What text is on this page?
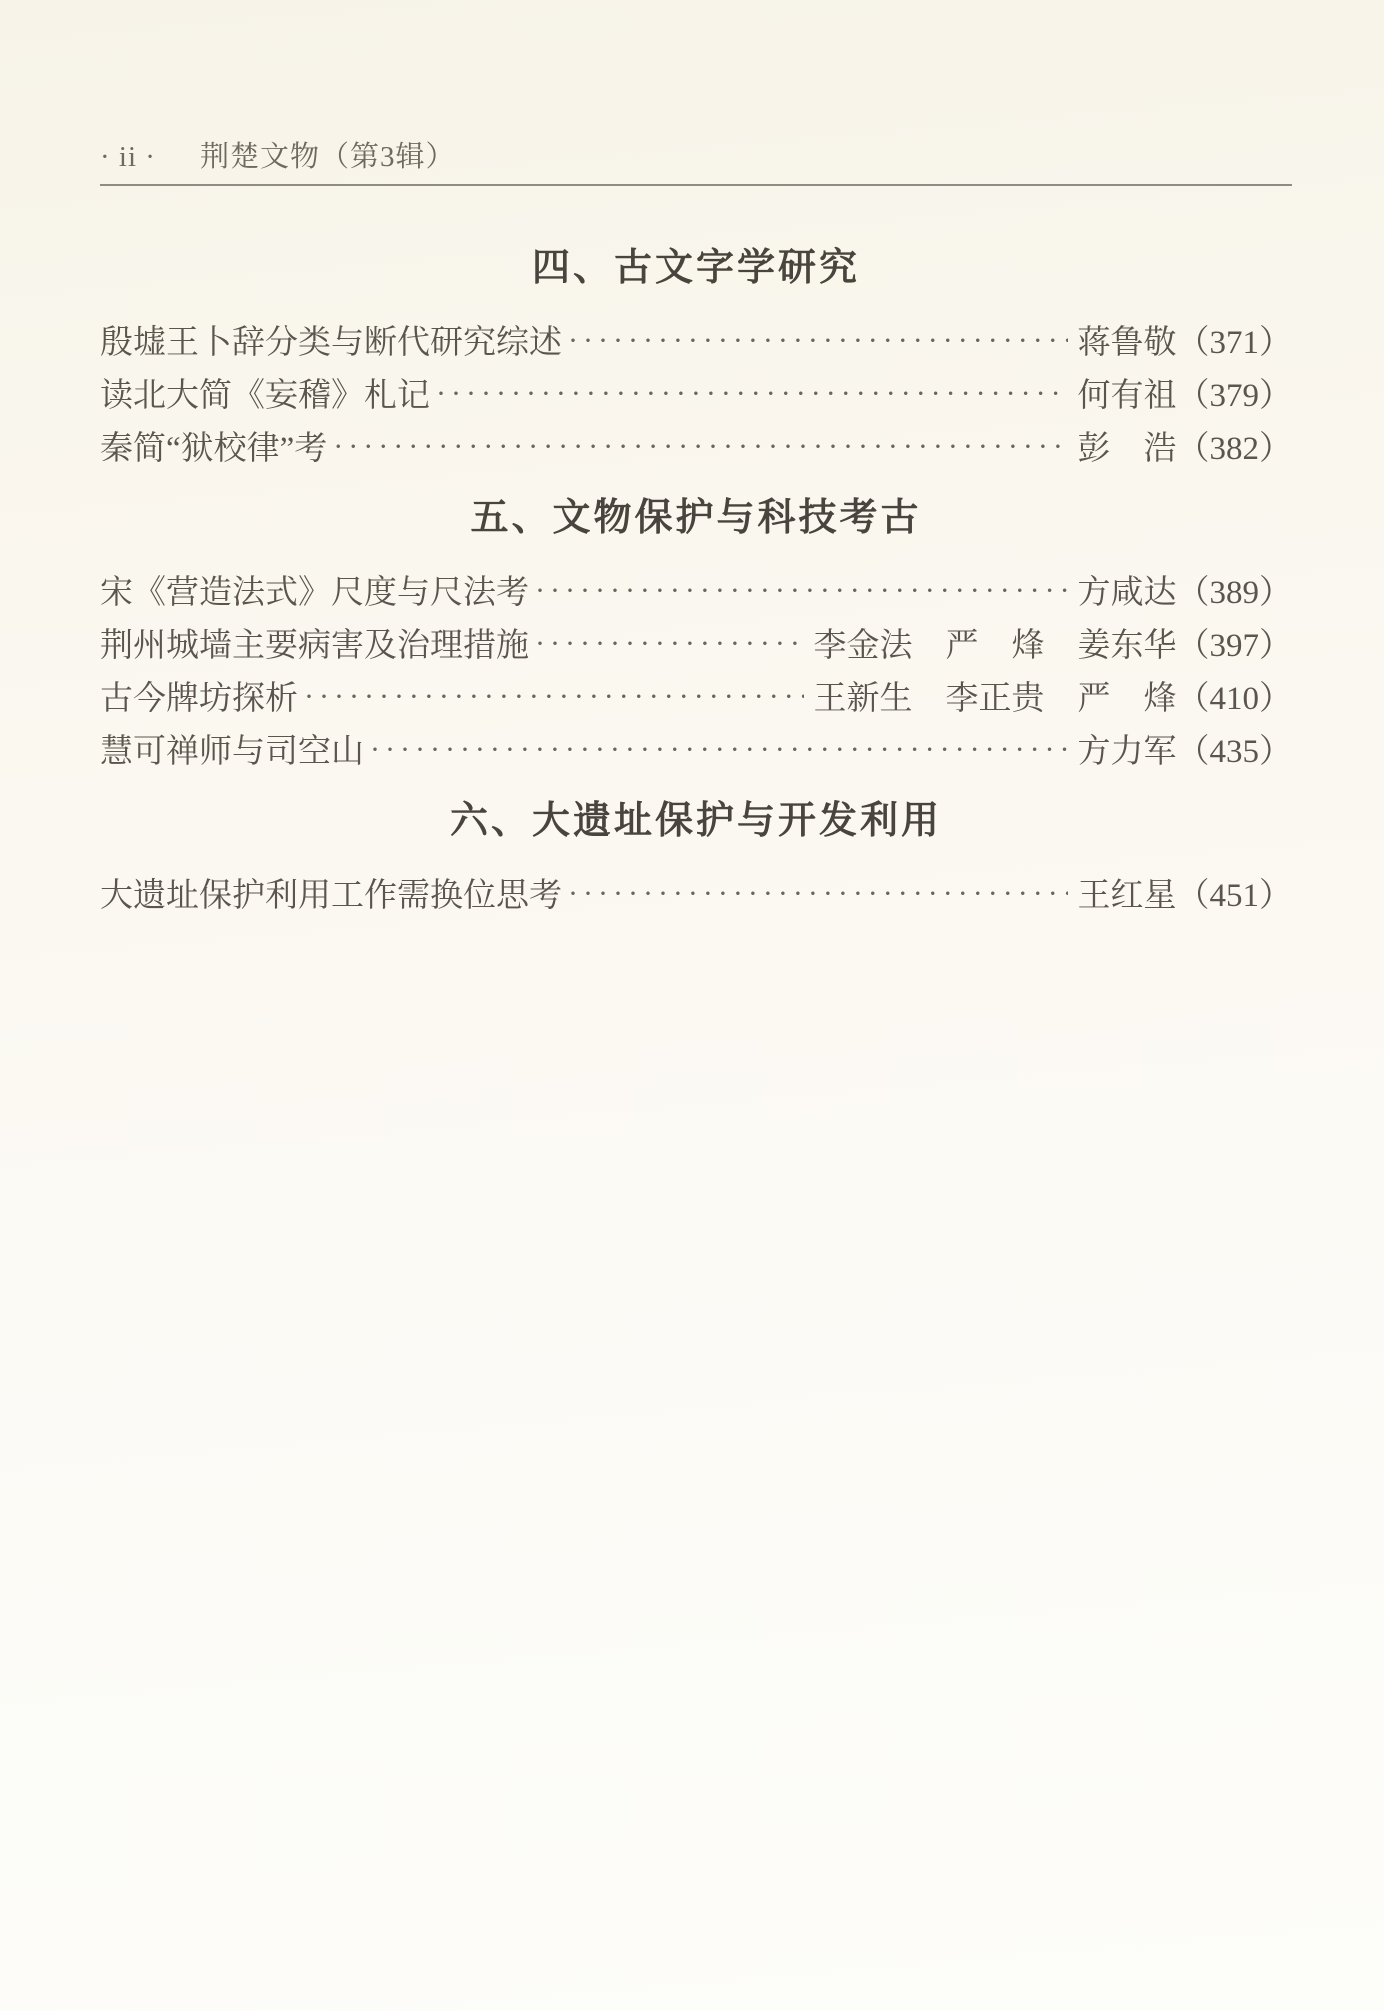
· ii · 荆楚文物（第3辑）
四、古文字学研究
殷墟王卜辞分类与断代研究综述 ·····	蒋鲁敬 （371）
读北大简《妄稽》札记 ·····	何有祖 （379）
秦简“狱校律”考 ·····	彭　浩 （382）
五、文物保护与科技考古
宋《营造法式》尺度与尺法考 ·····	方咸达 （389）
荆州城墙主要病害及治理措施 ·····	李金法　严　烽　姜东华 （397）
古今牌坊探析 ·····	王新生　李正贵　严　烽 （410）
慧可禅师与司空山 ·····	方力军 （435）
六、大遗址保护与开发利用
大遗址保护利用工作需换位思考 ·····	王红星 （451）
